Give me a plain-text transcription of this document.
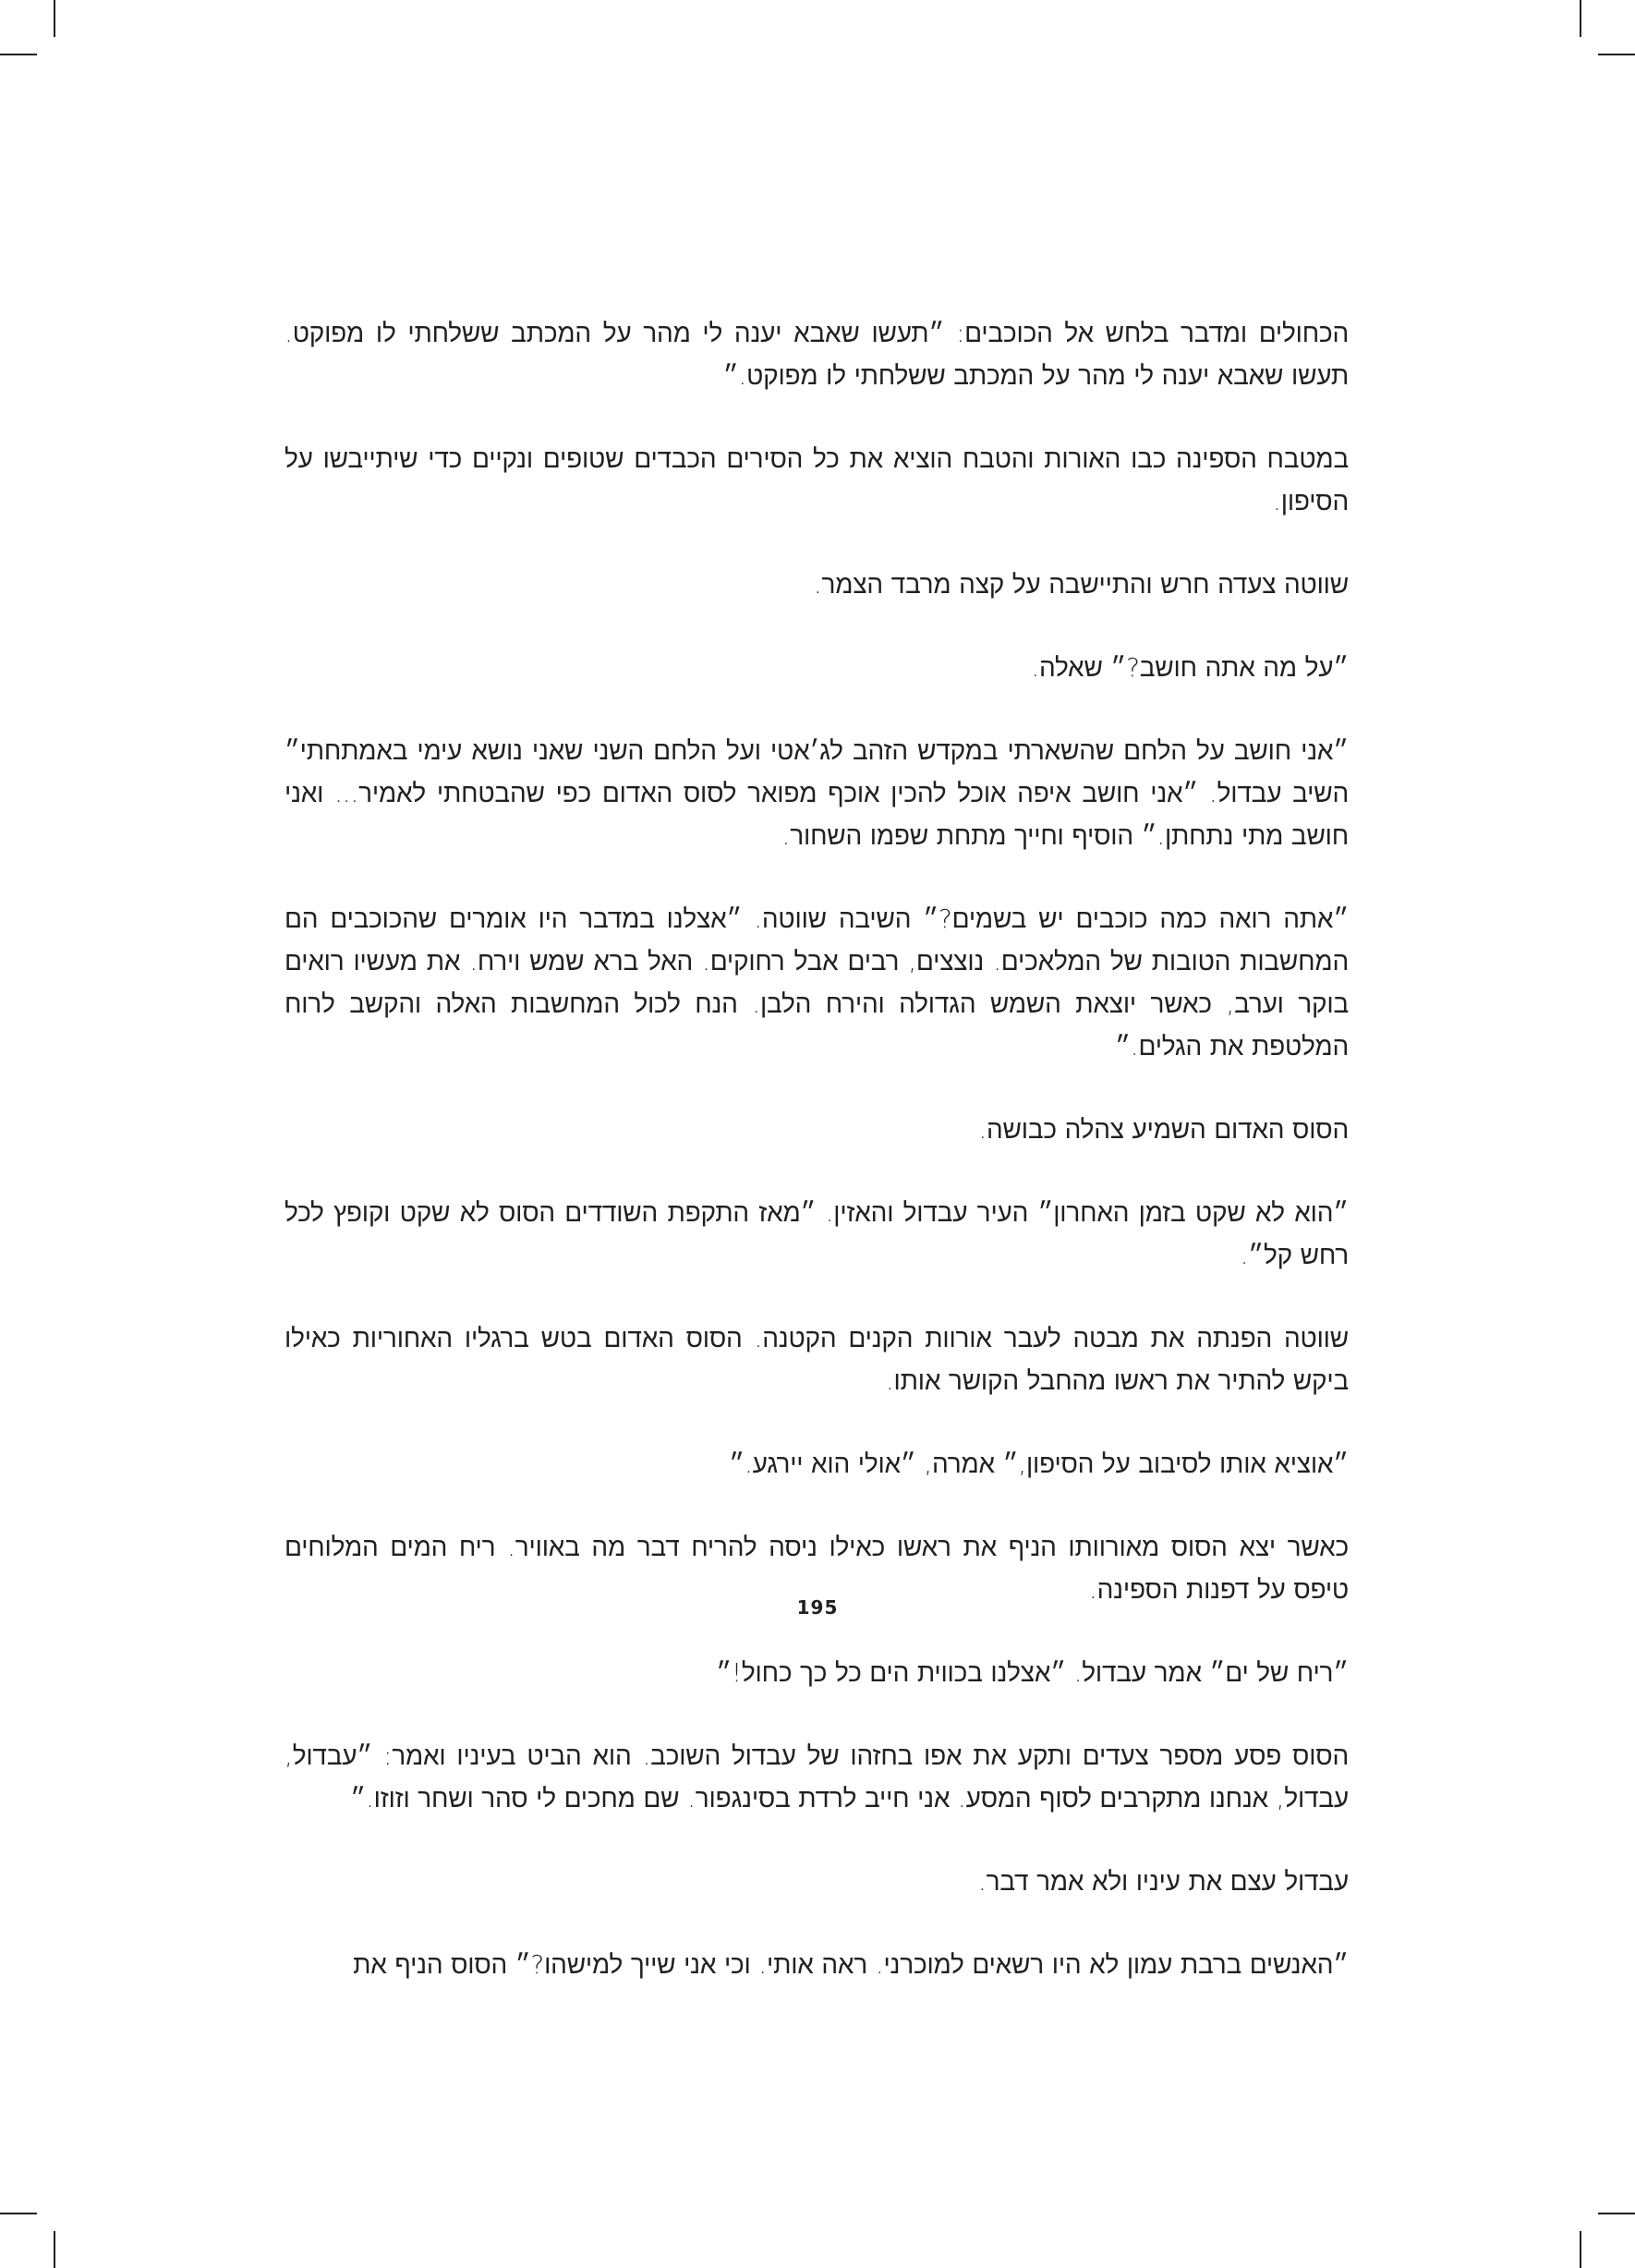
הכחולים ומדבר בלחש אל הכוכבים: ״תעשו שאבא יענה לי מהר על המכתב ששלחתי לו מפוקט. תעשו שאבא יענה לי מהר על המכתב ששלחתי לו מפוקט.״

במטבח הספינה כבו האורות והטבח הוציא את כל הסירים הכבדים שטופים ונקיים כדי שיתייבשו על הסיפון.

שווטה צעדה חרש והתיישבה על קצה מרבד הצמר.

״על מה אתה חושב?״ שאלה.

״אני חושב על הלחם שהשארתי במקדש הזהב לג׳אטי ועל הלחם השני שאני נושא עימי באמתחתי״ השיב עבדול. ״אני חושב איפה אוכל להכין אוכף מפואר לסוס האדום כפי שהבטחתי לאמיר... ואני חושב מתי נתחתן.״ הוסיף וחייך מתחת שפמו השחור.

״אתה רואה כמה כוכבים יש בשמים?״ השיבה שווטה. ״אצלנו במדבר היו אומרים שהכוכבים הם המחשבות הטובות של המלאכים. נוצצים, רבים אבל רחוקים. האל ברא שמש וירח. את מעשיו רואים בוקר וערב, כאשר יוצאת השמש הגדולה והירח הלבן. הנח לכול המחשבות האלה והקשב לרוח המלטפת את הגלים.״

הסוס האדום השמיע צהלה כבושה.

״הוא לא שקט בזמן האחרון״ העיר עבדול והאזין. ״מאז התקפת השודדים הסוס לא שקט וקופץ לכל רחש קל״.

שווטה הפנתה את מבטה לעבר אורוות הקנים הקטנה. הסוס האדום בטש ברגליו האחוריות כאילו ביקש להתיר את ראשו מהחבל הקושר אותו.

״אוציא אותו לסיבוב על הסיפון,״ אמרה, ״אולי הוא יירגע.״

כאשר יצא הסוס מאורוותו הניף את ראשו כאילו ניסה להריח דבר מה באוויר. ריח המים המלוחים טיפס על דפנות הספינה.

״ריח של ים״ אמר עבדול. ״אצלנו בכווית הים כל כך כחול!״

הסוס פסע מספר צעדים ותקע את אפו בחזהו של עבדול השוכב. הוא הביט בעיניו ואמר: ״עבדול, עבדול, אנחנו מתקרבים לסוף המסע. אני חייב לרדת בסינגפור. שם מחכים לי סהר ושחר וזוזו.״

עבדול עצם את עיניו ולא אמר דבר.

״האנשים ברבת עמון לא היו רשאים למוכרני. ראה אותי. וכי אני שייך למישהו?״ הסוס הניף את

195
